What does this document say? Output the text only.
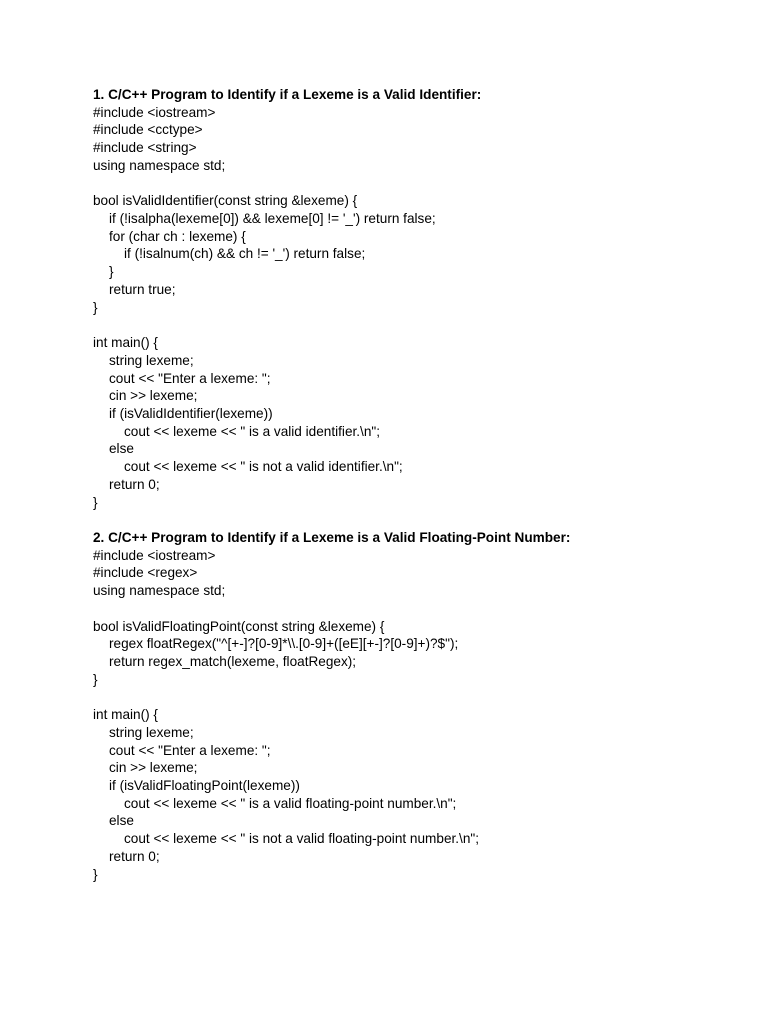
1. C/C++ Program to Identify if a Lexeme is a Valid Identifier:
#include <iostream>
#include <cctype>
#include <string>
using namespace std;
bool isValidIdentifier(const string &lexeme) {
if (!isalpha(lexeme[0]) && lexeme[0] != '_') return false;
for (char ch : lexeme) {
if (!isalnum(ch) && ch != '_') return false;
}
return true;
}
int main() {
string lexeme;
cout << "Enter a lexeme: ";
cin >> lexeme;
if (isValidIdentifier(lexeme))
cout << lexeme << " is a valid identifier.\n";
else
cout << lexeme << " is not a valid identifier.\n";
return 0;
}
2. C/C++ Program to Identify if a Lexeme is a Valid Floating-Point Number:
#include <iostream>
#include <regex>
using namespace std;
bool isValidFloatingPoint(const string &lexeme) {
regex floatRegex("^[+-]?[0-9]*\\.[0-9]+([eE][+-]?[0-9]+)?$");
return regex_match(lexeme, floatRegex);
}
int main() {
string lexeme;
cout << "Enter a lexeme: ";
cin >> lexeme;
if (isValidFloatingPoint(lexeme))
cout << lexeme << " is a valid floating-point number.\n";
else
cout << lexeme << " is not a valid floating-point number.\n";
return 0;
}
